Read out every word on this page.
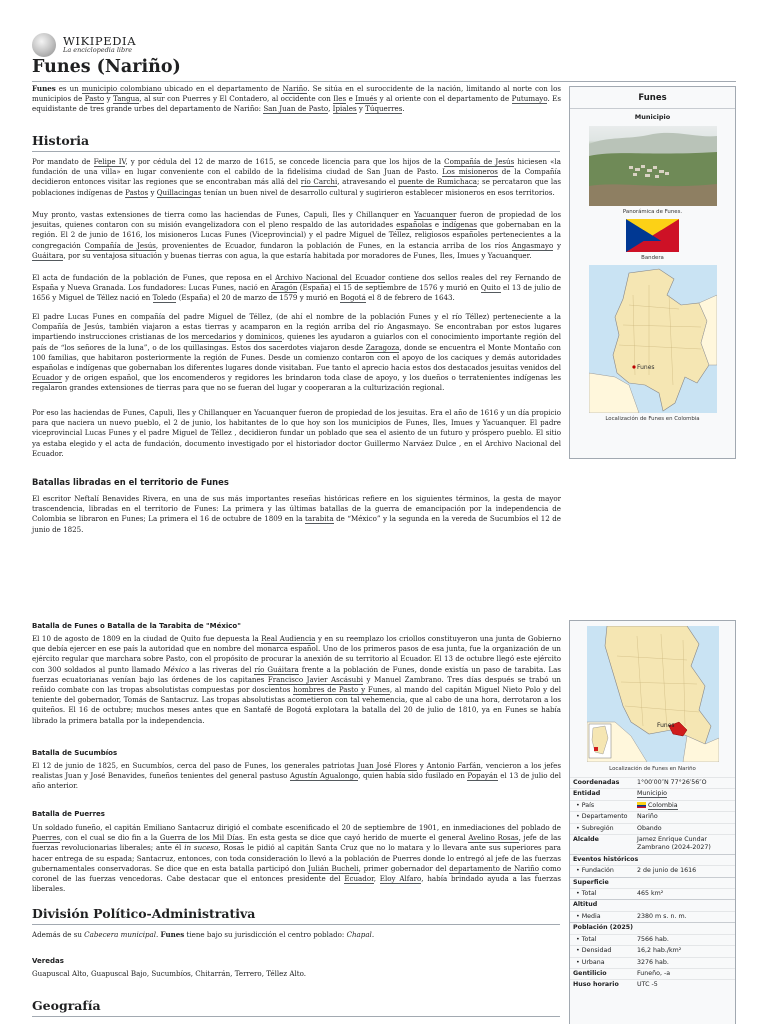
WIKIPEDIA
La enciclopedia libre
Funes (Nariño)

Funes es un municipio colombiano ubicado en el departamento de Nariño. Se sitúa en el suroccidente de la nación, limitando al norte con los municipios de Pasto y Tangua, al sur con Puerres y El Contadero, al occidente con Iles e Imués y al oriente con el departamento de Putumayo. Es equidistante de tres grande urbes del departamento de Nariño: San Juan de Pasto, Ipiales y Túquerres.

Historia

Por mandato de Felipe IV, y por cédula del 12 de marzo de 1615, se concede licencia para que los hijos de la Compañía de Jesús hiciesen «la fundación de una villa» en lugar conveniente con el cabildo de la fidelísima ciudad de San Juan de Pasto. Los misioneros de la Compañía decidieron entonces visitar las regiones que se encontraban más allá del río Carchi, atravesando el puente de Rumichaca; se percataron que las poblaciones indígenas de Pastos y Quillacingas tenían un buen nivel de desarrollo cultural y sugirieron establecer misioneros en esos territorios.

Muy pronto, vastas extensiones de tierra como las haciendas de Funes, Capuli, Iles y Chillanquer en Yacuanquer fueron de propiedad de los jesuitas, quienes contaron con su misión evangelizadora con el pleno respaldo de las autoridades españolas e indígenas que gobernaban en la región. El 2 de junio de 1616, los misioneros Lucas Funes (Viceprovincial) y el padre Miguel de Téllez, religiosos españoles pertenecientes a la congregación Compañía de Jesús, provenientes de Ecuador, fundaron la población de Funes, en la estancia arriba de los ríos Angasmayo y Guáitara, por su ventajosa situación y buenas tierras con agua, la que estaría habitada por moradores de Funes, Iles, Imues y Yacuanquer.

El acta de fundación de la población de Funes, que reposa en el Archivo Nacional del Ecuador contiene dos sellos reales del rey Fernando de España y Nueva Granada. Los fundadores: Lucas Funes, nació en Aragón (España) el 15 de septiembre de 1576 y murió en Quito el 13 de julio de 1656 y Miguel de Téllez nació en Toledo (España) el 20 de marzo de 1579 y murió en Bogotá el 8 de febrero de 1643.

El padre Lucas Funes en compañía del padre Miguel de Téllez, (de ahí el nombre de la población Funes y el río Téllez) perteneciente a la Compañía de Jesús, también viajaron a estas tierras y acamparon en la región arriba del río Angasmayo. Se encontraban por estos lugares impartiendo instrucciones cristianas de los mercedarios y dominicos, quienes les ayudaron a guiarlos con el conocimiento importante región del país de “los señores de la luna”, o de los quillasingas. Estos dos sacerdotes viajaron desde Zaragoza, donde se encuentra el Monte Montaño con 100 familias, que habitaron posteriormente la región de Funes. Desde un comienzo contaron con el apoyo de los caciques y demás autoridades españolas e indígenas que gobernaban los diferentes lugares donde visitaban. Fue tanto el aprecio hacia estos dos destacados jesuitas venidos del Ecuador y de origen español, que los encomenderos y regidores les brindaron toda clase de apoyo, y los dueños o terratenientes indígenas les regalaron grandes extensiones de tierras para que no se fueran del lugar y cooperaran a la culturización regional.

Por eso las haciendas de Funes, Capuli, Iles y Chillanquer en Yacuanquer fueron de propiedad de los jesuitas. Era el año de 1616 y un día propicio para que naciera un nuevo pueblo, el 2 de junio, los habitantes de lo que hoy son los municipios de Funes, Iles, Imues y Yacuanquer. El padre viceprovincial Lucas Funes y el padre Miguel de Téllez , decidieron fundar un poblado que sea el asiento de un futuro y próspero pueblo. El sitio ya estaba elegido y el acta de fundación, documento investigado por el historiador doctor Guillermo Narváez Dulce , en el Archivo Nacional del Ecuador.

Batallas libradas en el territorio de Funes

El escritor Neftalí Benavides Rivera, en una de sus más importantes reseñas históricas refiere en los siguientes términos, la gesta de mayor trascendencia, libradas en el territorio de Funes: La primera y las últimas batallas de la guerra de emancipación por la independencia de Colombia se libraron en Funes; La primera el 16 de octubre de 1809 en la tarabita de “México” y la segunda en la vereda de Sucumbíos el 12 de junio de 1825.

Batalla de Funes o Batalla de la Tarabita de "México"

El 10 de agosto de 1809 en la ciudad de Quito fue depuesta la Real Audiencia y en su reemplazo los criollos constituyeron una junta de Gobierno que debía ejercer en ese país la autoridad que en nombre del monarca español. Uno de los primeros pasos de esa junta, fue la organización de un ejército regular que marchara sobre Pasto, con el propósito de procurar la anexión de su territorio al Ecuador. El 13 de octubre llegó este ejército con 300 soldados al punto llamado México a las riveras del río Guáitara frente a la población de Funes, donde existía un paso de tarabita. Las fuerzas ecuatorianas venían bajo las órdenes de los capitanes Francisco Javier Ascásubi y Manuel Zambrano. Tres días después se trabó un reñido combate con las tropas absolutistas compuestas por doscientos hombres de Pasto y Funes, al mando del capitán Miguel Nieto Polo y del teniente del gobernador, Tomás de Santacruz. Las tropas absolutistas acometieron con tal vehemencia, que al cabo de una hora, derrotaron a los quiteños. El 16 de octubre; muchos meses antes que en Santafé de Bogotá explotara la batalla del 20 de julio de 1810, ya en Funes se había librado la primera batalla por la independencia.

Batalla de Sucumbíos

El 12 de junio de 1825, en Sucumbíos, cerca del paso de Funes, los generales patriotas Juan José Flores y Antonio Farfán, vencieron a los jefes realistas Juan y José Benavides, funeños tenientes del general pastuso Agustín Agualongo, quien había sido fusilado en Popayán el 13 de julio del año anterior.

Batalla de Puerres

Un soldado funeño, el capitán Emiliano Santacruz dirigió el combate escenificado el 20 de septiembre de 1901, en inmediaciones del poblado de Puerres, con el cual se dio fin a la Guerra de los Mil Días. En esta gesta se dice que cayó herido de muerte el general Avelino Rosas, jefe de las fuerzas revolucionarias liberales; ante él in suceso, Rosas le pidió al capitán Santa Cruz que no lo matara y lo llevara ante sus superiores para hacer entrega de su espada; Santacruz, entonces, con toda consideración lo llevó a la población de Puerres donde lo entregó al jefe de las fuerzas gubernamentales conservadoras. Se dice que en esta batalla participó don Julián Bucheli, primer gobernador del departamento de Nariño como coronel de las fuerzas vencedoras. Cabe destacar que el entonces presidente del Ecuador, Eloy Alfaro, había brindado ayuda a las fuerzas liberales.

División Político-Administrativa

Además de su Cabecera municipal. Funes tiene bajo su jurisdicción el centro poblado: Chapal.

Veredas

Guapuscal Alto, Guapuscal Bajo, Sucumbíos, Chitarrán, Terrero, Téllez Alto.

Geografía
Funes
Municipio
Panorámica de Funes.
Bandera
Funes
Localización de Funes en Colombia
Funes
Localización de Funes en Nariño
Coordenadas	1°00′00″N 77°26′56″O
Entidad	Municipio
• País	Colombia
• Departamento	Nariño
• Subregión	Obando
Alcalde	Jamez Enrique Cundar Zambrano (2024-2027)
Eventos históricos
• Fundación	2 de junio de 1616
Superficie
• Total	465 km²
Altitud
• Media	2380 m s. n. m.
Población (2025)
• Total	7566 hab.
• Densidad	16,2 hab./km²
• Urbana	3276 hab.
Gentilicio	Funeño, -a
Huso horario	UTC -5
